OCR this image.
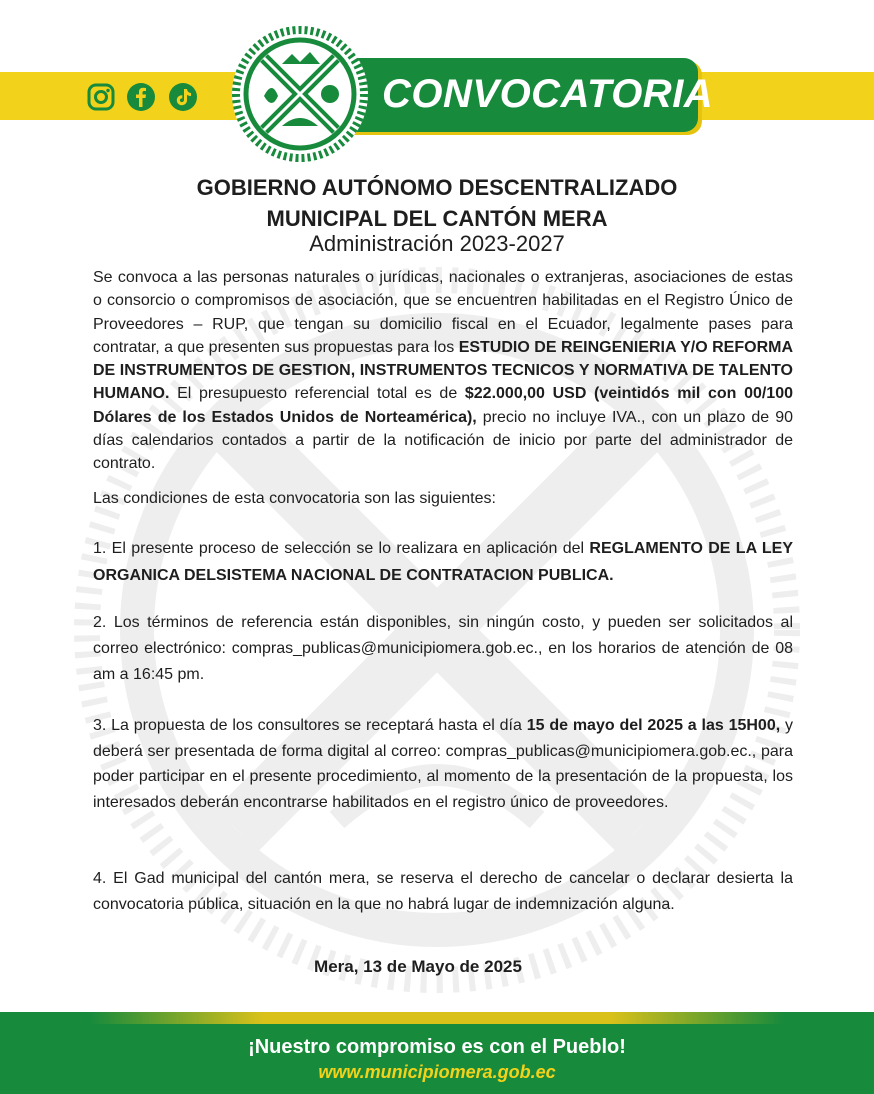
CONVOCATORIA
GOBIERNO AUTÓNOMO DESCENTRALIZADO
MUNICIPAL DEL CANTÓN MERA
Administración 2023-2027

Se convoca a las personas naturales o jurídicas, nacionales o extranjeras, asociaciones de estas o consorcio o compromisos de asociación, que se encuentren habilitadas en el Registro Único de Proveedores – RUP, que tengan su domicilio fiscal en el Ecuador, legalmente pases para contratar, a que presenten sus propuestas para los ESTUDIO DE REINGENIERIA Y/O REFORMA DE INSTRUMENTOS DE GESTION, INSTRUMENTOS TECNICOS Y NORMATIVA DE TALENTO HUMANO. El presupuesto referencial total es de $22.000,00 USD (veintidós mil con 00/100 Dólares de los Estados Unidos de Norteamérica), precio no incluye IVA., con un plazo de 90 días calendarios contados a partir de la notificación de inicio por parte del administrador de contrato.

Las condiciones de esta convocatoria son las siguientes:

1. El presente proceso de selección se lo realizara en aplicación del REGLAMENTO DE LA LEY ORGANICA DELSISTEMA NACIONAL DE CONTRATACION PUBLICA.

2. Los términos de referencia están disponibles, sin ningún costo, y pueden ser solicitados al correo electrónico: compras_publicas@municipiomera.gob.ec., en los horarios de atención de 08 am a 16:45 pm.

3. La propuesta de los consultores se receptará hasta el día 15 de mayo del 2025 a las 15H00, y deberá ser presentada de forma digital al correo: compras_publicas@municipiomera.gob.ec., para poder participar en el presente procedimiento, al momento de la presentación de la propuesta, los interesados deberán encontrarse habilitados en el registro único de proveedores.

4. El Gad municipal del cantón mera, se reserva el derecho de cancelar o declarar desierta la convocatoria pública, situación en la que no habrá lugar de indemnización alguna.

Mera, 13 de Mayo de 2025
¡Nuestro compromiso es con el Pueblo!
www.municipiomera.gob.ec
